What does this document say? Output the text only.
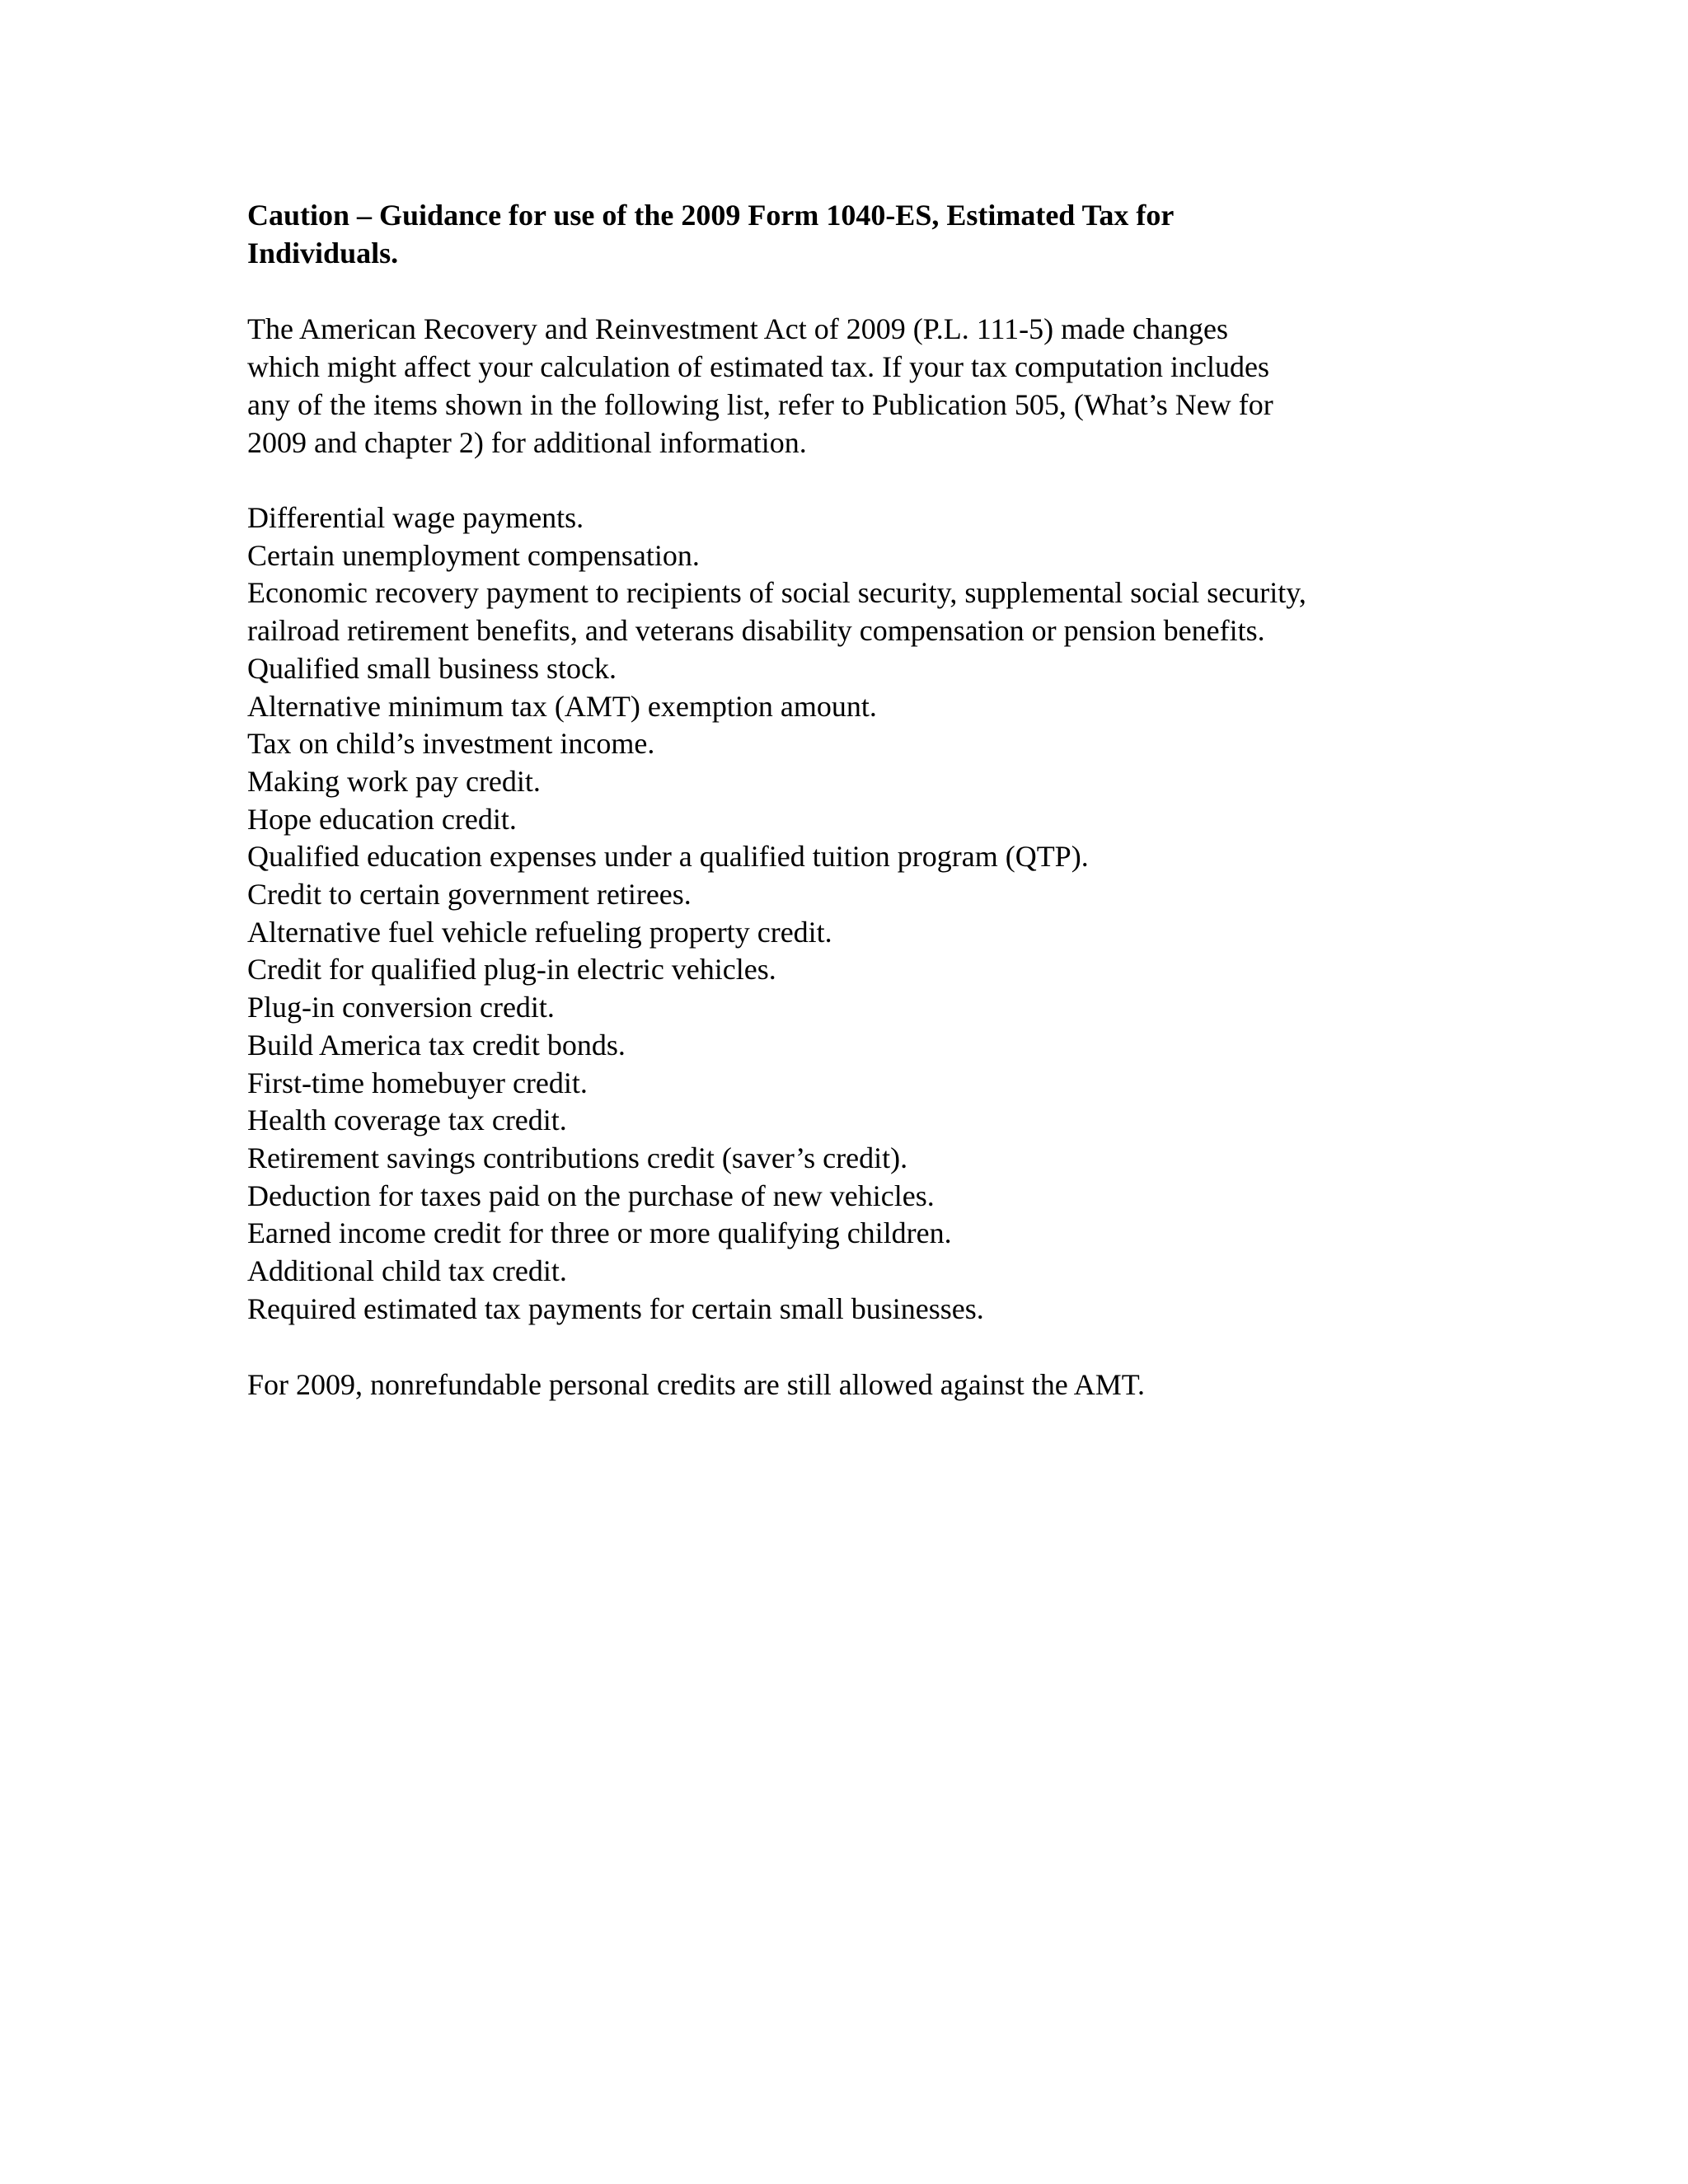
Caution – Guidance for use of the 2009 Form 1040-ES, Estimated Tax for
Individuals.

The American Recovery and Reinvestment Act of 2009 (P.L. 111-5) made changes
which might affect your calculation of estimated tax. If your tax computation includes
any of the items shown in the following list, refer to Publication 505, (What’s New for
2009 and chapter 2) for additional information.

Differential wage payments.
Certain unemployment compensation.
Economic recovery payment to recipients of social security, supplemental social security,
railroad retirement benefits, and veterans disability compensation or pension benefits.
Qualified small business stock.
Alternative minimum tax (AMT) exemption amount.
Tax on child’s investment income.
Making work pay credit.
Hope education credit.
Qualified education expenses under a qualified tuition program (QTP).
Credit to certain government retirees.
Alternative fuel vehicle refueling property credit.
Credit for qualified plug-in electric vehicles.
Plug-in conversion credit.
Build America tax credit bonds.
First-time homebuyer credit.
Health coverage tax credit.
Retirement savings contributions credit (saver’s credit).
Deduction for taxes paid on the purchase of new vehicles.
Earned income credit for three or more qualifying children.
Additional child tax credit.
Required estimated tax payments for certain small businesses.

For 2009, nonrefundable personal credits are still allowed against the AMT.
